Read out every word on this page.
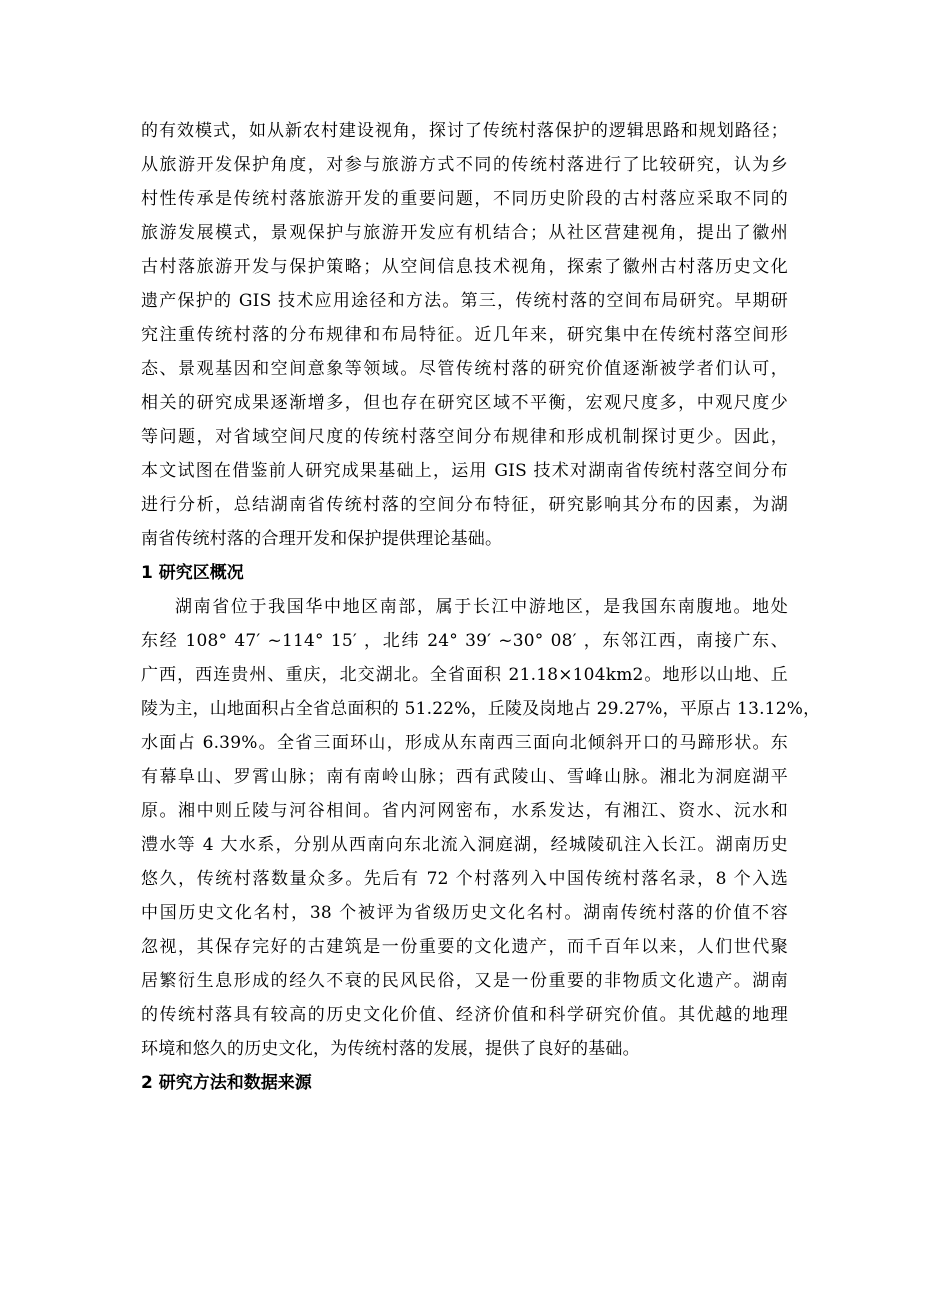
的有效模式，如从新农村建设视角，探讨了传统村落保护的逻辑思路和规划路径；
从旅游开发保护角度，对参与旅游方式不同的传统村落进行了比较研究，认为乡
村性传承是传统村落旅游开发的重要问题，不同历史阶段的古村落应采取不同的
旅游发展模式，景观保护与旅游开发应有机结合；从社区营建视角，提出了徽州
古村落旅游开发与保护策略；从空间信息技术视角，探索了徽州古村落历史文化
遗产保护的 GIS 技术应用途径和方法。第三，传统村落的空间布局研究。早期研
究注重传统村落的分布规律和布局特征。近几年来，研究集中在传统村落空间形
态、景观基因和空间意象等领域。尽管传统村落的研究价值逐渐被学者们认可，
相关的研究成果逐渐增多，但也存在研究区域不平衡，宏观尺度多，中观尺度少
等问题，对省域空间尺度的传统村落空间分布规律和形成机制探讨更少。因此，
本文试图在借鉴前人研究成果基础上，运用 GIS 技术对湖南省传统村落空间分布
进行分析，总结湖南省传统村落的空间分布特征，研究影响其分布的因素，为湖
南省传统村落的合理开发和保护提供理论基础。
1 研究区概况
湖南省位于我国华中地区南部，属于长江中游地区，是我国东南腹地。地处
东经 108° 47′ ~114° 15′ ，北纬 24° 39′ ~30° 08′ ，东邻江西，南接广东、
广西，西连贵州、重庆，北交湖北。全省面积 21.18×104km2。地形以山地、丘
陵为主，山地面积占全省总面积的 51.22%，丘陵及岗地占 29.27%，平原占 13.12%，
水面占 6.39%。全省三面环山，形成从东南西三面向北倾斜开口的马蹄形状。东
有幕阜山、罗霄山脉；南有南岭山脉；西有武陵山、雪峰山脉。湘北为洞庭湖平
原。湘中则丘陵与河谷相间。省内河网密布，水系发达，有湘江、资水、沅水和
澧水等 4 大水系，分别从西南向东北流入洞庭湖，经城陵矶注入长江。湖南历史
悠久，传统村落数量众多。先后有 72 个村落列入中国传统村落名录，8 个入选
中国历史文化名村，38 个被评为省级历史文化名村。湖南传统村落的价值不容
忽视，其保存完好的古建筑是一份重要的文化遗产，而千百年以来，人们世代聚
居繁衍生息形成的经久不衰的民风民俗，又是一份重要的非物质文化遗产。湖南
的传统村落具有较高的历史文化价值、经济价值和科学研究价值。其优越的地理
环境和悠久的历史文化，为传统村落的发展，提供了良好的基础。
2 研究方法和数据来源
